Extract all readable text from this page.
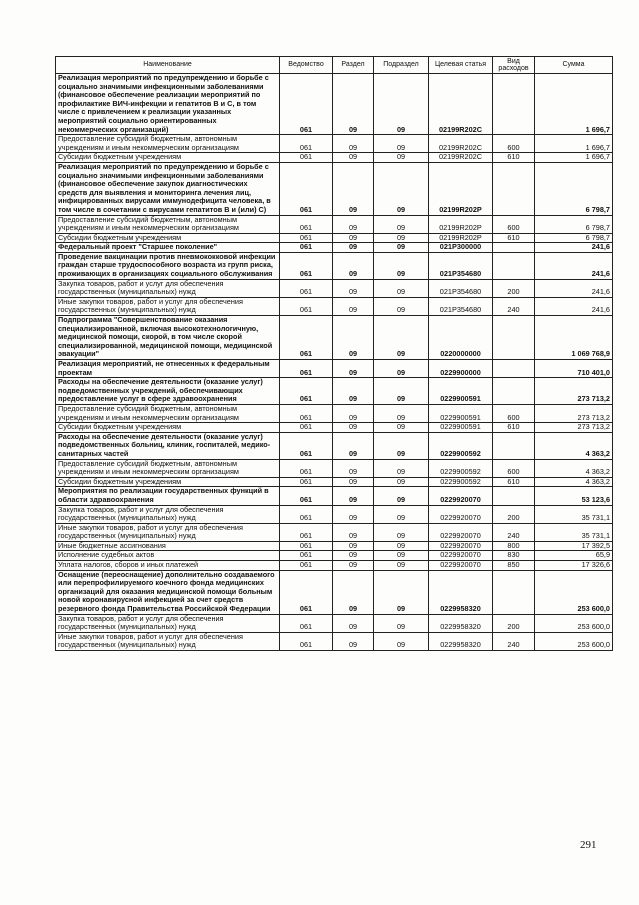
Наименование	Ведомство	Раздел	Подраздел	Целевая статья	Вид расходов	Сумма
Реализация мероприятий по предупреждению и борьбе с социально значимыми инфекционными заболеваниями (финансовое обеспечение реализации мероприятий по профилактике ВИЧ-инфекции и гепатитов В и С, в том числе с привлечением к реализации указанных мероприятий социально ориентированных некоммерческих организаций)	061	09	09	02199R202C		1 696,7
Предоставление субсидий бюджетным, автономным учреждениям и иным некоммерческим организациям	061	09	09	02199R202C	600	1 696,7
Субсидии бюджетным учреждениям	061	09	09	02199R202C	610	1 696,7
Реализация мероприятий по предупреждению и борьбе с социально значимыми инфекционными заболеваниями (финансовое обеспечение закупок диагностических средств для выявления и мониторинга лечения лиц, инфицированных вирусами иммунодефицита человека, в том числе в сочетании с вирусами гепатитов В и (или) С)	061	09	09	02199R202P		6 798,7
Предоставление субсидий бюджетным, автономным учреждениям и иным некоммерческим организациям	061	09	09	02199R202P	600	6 798,7
Субсидии бюджетным учреждениям	061	09	09	02199R202P	610	6 798,7
Федеральный проект "Старшее поколение"	061	09	09	021P300000		241,6
Проведение вакцинации против пневмококковой инфекции граждан старше трудоспособного возраста из групп риска, проживающих в организациях социального обслуживания	061	09	09	021P354680		241,6
Закупка товаров, работ и услуг для обеспечения государственных (муниципальных) нужд	061	09	09	021P354680	200	241,6
Иные закупки товаров, работ и услуг для обеспечения государственных (муниципальных) нужд	061	09	09	021P354680	240	241,6
Подпрограмма "Совершенствование оказания специализированной, включая высокотехнологичную, медицинской помощи, скорой, в том числе скорой специализированной, медицинской помощи, медицинской эвакуации"	061	09	09	0220000000		1 069 768,9
Реализация мероприятий, не отнесенных к федеральным проектам	061	09	09	0229900000		710 401,0
Расходы на обеспечение деятельности (оказание услуг) подведомственных учреждений, обеспечивающих предоставление услуг в сфере здравоохранения	061	09	09	0229900591		273 713,2
Предоставление субсидий бюджетным, автономным учреждениям и иным некоммерческим организациям	061	09	09	0229900591	600	273 713,2
Субсидии бюджетным учреждениям	061	09	09	0229900591	610	273 713,2
Расходы на обеспечение деятельности (оказание услуг) подведомственных больниц, клиник, госпиталей, медико-санитарных частей	061	09	09	0229900592		4 363,2
Предоставление субсидий бюджетным, автономным учреждениям и иным некоммерческим организациям	061	09	09	0229900592	600	4 363,2
Субсидии бюджетным учреждениям	061	09	09	0229900592	610	4 363,2
Мероприятия по реализации государственных функций в области здравоохранения	061	09	09	0229920070		53 123,6
Закупка товаров, работ и услуг для обеспечения государственных (муниципальных) нужд	061	09	09	0229920070	200	35 731,1
Иные закупки товаров, работ и услуг для обеспечения государственных (муниципальных) нужд	061	09	09	0229920070	240	35 731,1
Иные бюджетные ассигнования	061	09	09	0229920070	800	17 392,5
Исполнение судебных актов	061	09	09	0229920070	830	65,9
Уплата налогов, сборов и иных платежей	061	09	09	0229920070	850	17 326,6
Оснащение (переоснащение) дополнительно создаваемого или перепрофилируемого коечного фонда медицинских организаций для оказания медицинской помощи больным новой коронавирусной инфекцией за счет средств резервного фонда Правительства Российской Федерации	061	09	09	0229958320		253 600,0
Закупка товаров, работ и услуг для обеспечения государственных (муниципальных) нужд	061	09	09	0229958320	200	253 600,0
Иные закупки товаров, работ и услуг для обеспечения государственных (муниципальных) нужд	061	09	09	0229958320	240	253 600,0
291
